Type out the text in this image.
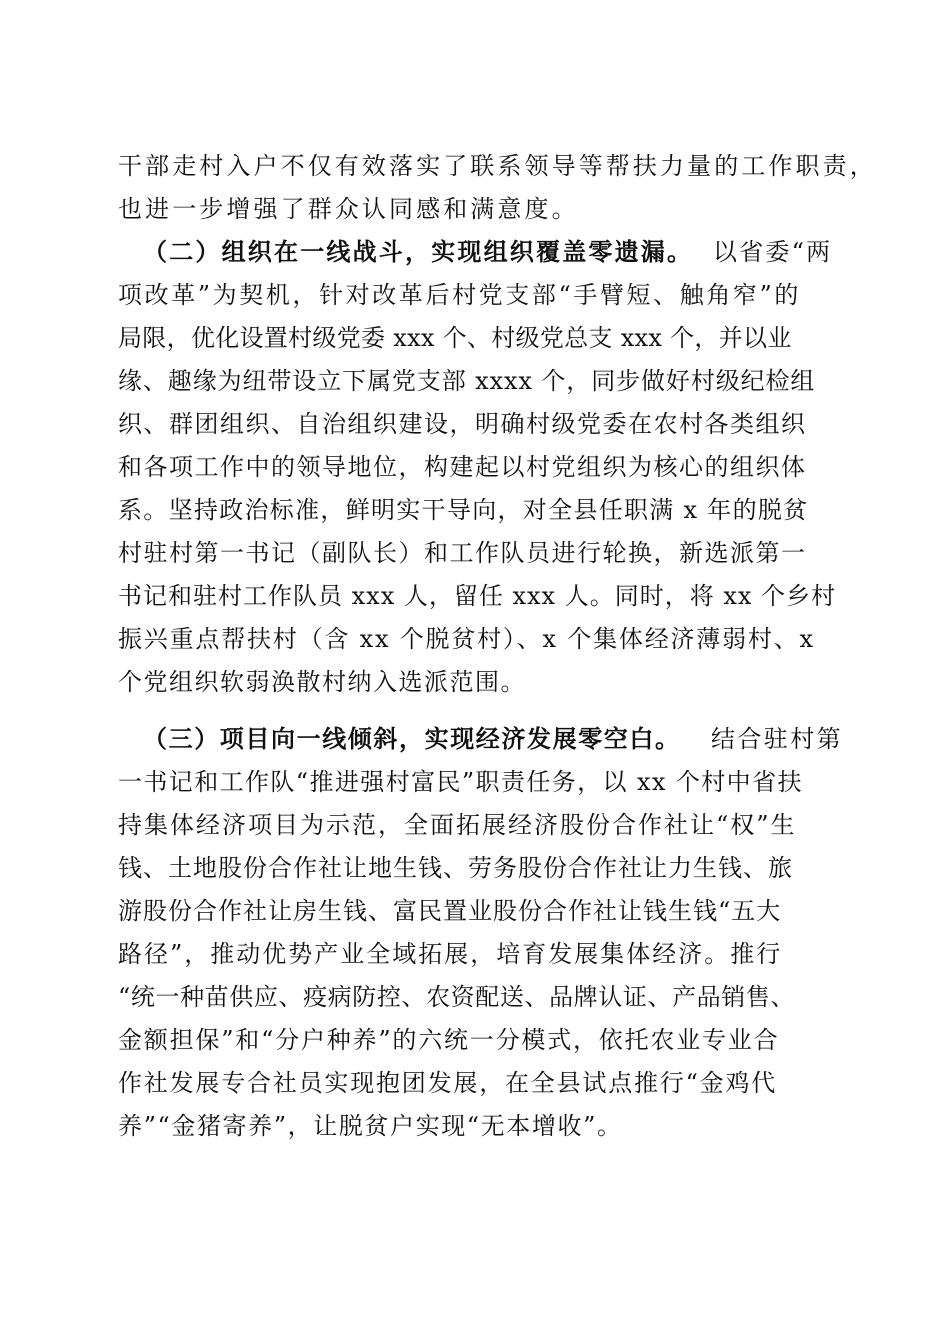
干部走村入户不仅有效落实了联系领导等帮扶力量的工作职责，
也进一步增强了群众认同感和满意度。
（二）组织在一线战斗，实现组织覆盖零遗漏。 以省委“两
项改革”为契机，针对改革后村党支部“手臂短、触角窄”的
局限，优化设置村级党委 xxx 个、村级党总支 xxx 个，并以业
缘、趣缘为纽带设立下属党支部 xxxx 个，同步做好村级纪检组
织、群团组织、自治组织建设，明确村级党委在农村各类组织
和各项工作中的领导地位，构建起以村党组织为核心的组织体
系。坚持政治标准，鲜明实干导向，对全县任职满 x 年的脱贫
村驻村第一书记（副队长）和工作队员进行轮换，新选派第一
书记和驻村工作队员 xxx 人，留任 xxx 人。同时，将 xx 个乡村
振兴重点帮扶村（含 xx 个脱贫村）、x 个集体经济薄弱村、x
个党组织软弱涣散村纳入选派范围。
（三）项目向一线倾斜，实现经济发展零空白。 结合驻村第
一书记和工作队“推进强村富民”职责任务，以 xx 个村中省扶
持集体经济项目为示范，全面拓展经济股份合作社让“权”生
钱、土地股份合作社让地生钱、劳务股份合作社让力生钱、旅
游股份合作社让房生钱、富民置业股份合作社让钱生钱“五大
路径”，推动优势产业全域拓展，培育发展集体经济。推行
“统一种苗供应、疫病防控、农资配送、品牌认证、产品销售、
金额担保”和“分户种养”的六统一分模式，依托农业专业合
作社发展专合社员实现抱团发展，在全县试点推行“金鸡代
养”“金猪寄养”，让脱贫户实现“无本增收”。
